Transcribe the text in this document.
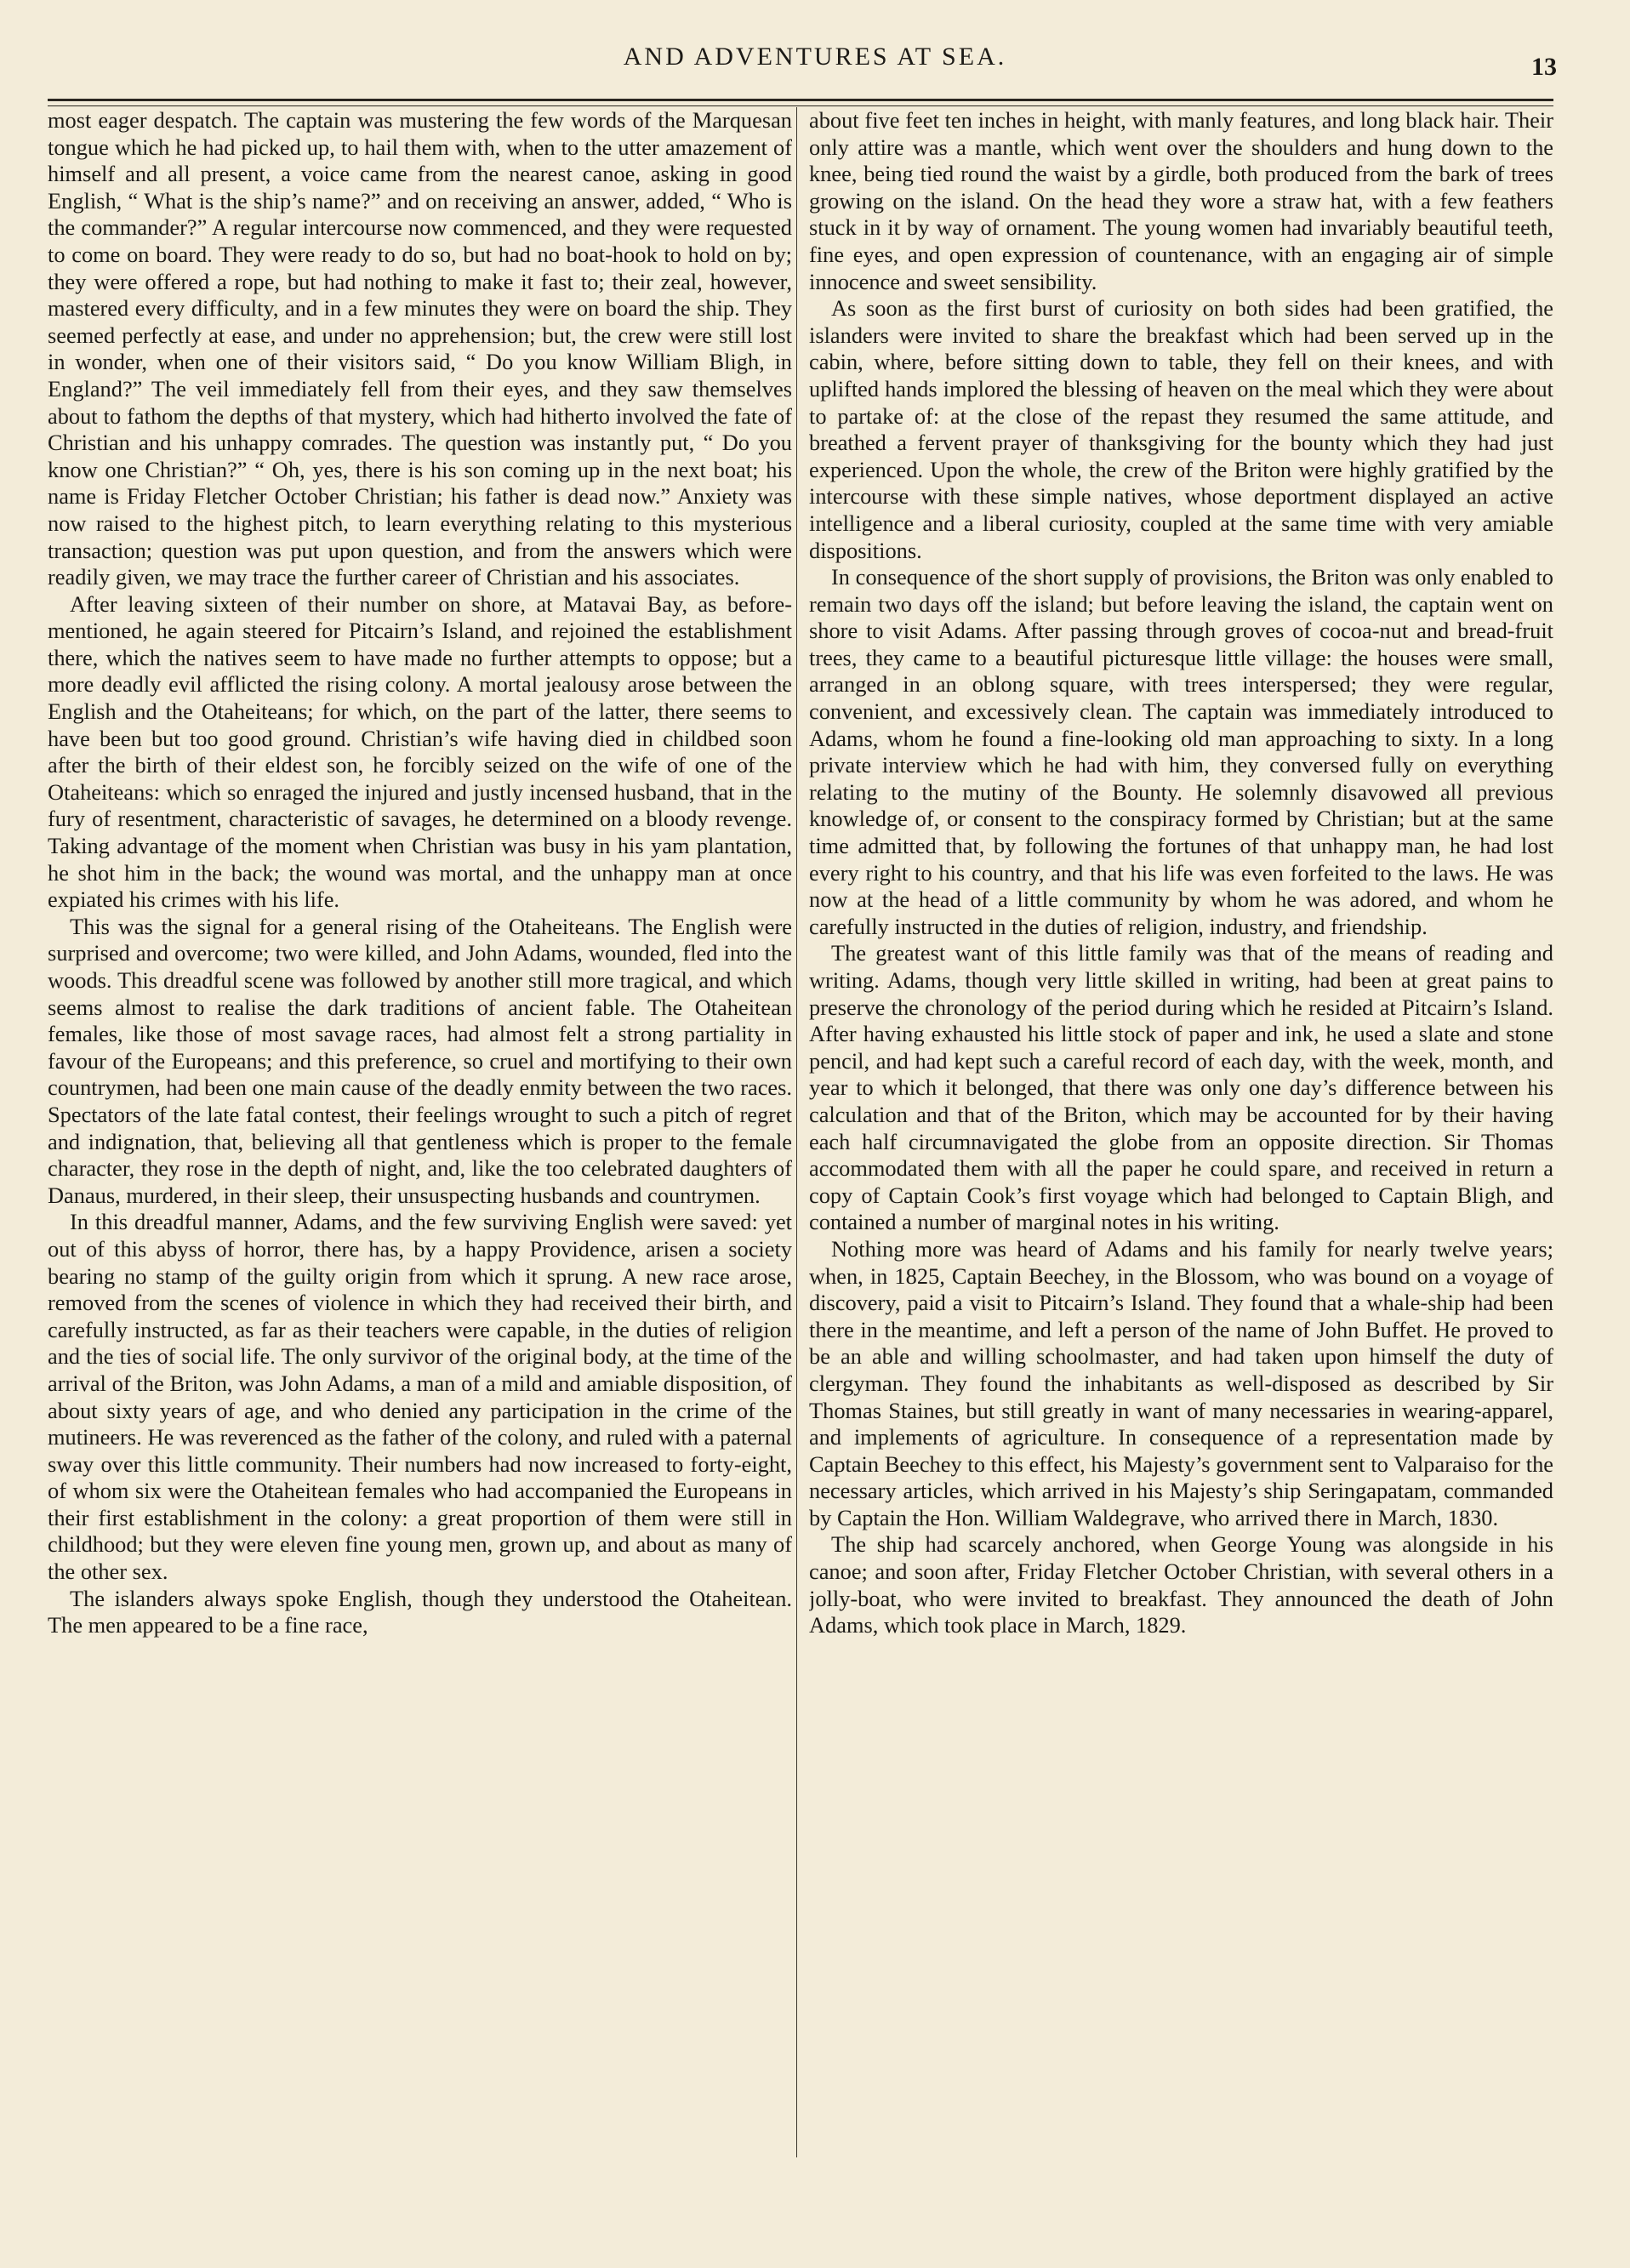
AND ADVENTURES AT SEA.	13

most eager despatch. The captain was mustering the few words of the Marquesan tongue which he had picked up, to hail them with, when to the utter amazement of himself and all present, a voice came from the nearest canoe, asking in good English, “ What is the ship’s name?” and on receiving an answer, added, “ Who is the commander?” A regular intercourse now commenced, and they were requested to come on board. They were ready to do so, but had no boat-hook to hold on by; they were offered a rope, but had nothing to make it fast to; their zeal, however, mastered every difficulty, and in a few minutes they were on board the ship. They seemed perfectly at ease, and under no apprehension; but, the crew were still lost in wonder, when one of their visitors said, “ Do you know William Bligh, in England?” The veil immediately fell from their eyes, and they saw themselves about to fathom the depths of that mystery, which had hitherto involved the fate of Christian and his unhappy comrades. The question was instantly put, “ Do you know one Christian?” “ Oh, yes, there is his son coming up in the next boat; his name is Friday Fletcher October Christian; his father is dead now.” Anxiety was now raised to the highest pitch, to learn everything relating to this mysterious transaction; question was put upon question, and from the answers which were readily given, we may trace the further career of Christian and his associates.

After leaving sixteen of their number on shore, at Matavai Bay, as before-mentioned, he again steered for Pitcairn’s Island, and rejoined the establishment there, which the natives seem to have made no further attempts to oppose; but a more deadly evil afflicted the rising colony. A mortal jealousy arose between the English and the Otaheiteans; for which, on the part of the latter, there seems to have been but too good ground. Christian’s wife having died in childbed soon after the birth of their eldest son, he forcibly seized on the wife of one of the Otaheiteans: which so enraged the injured and justly incensed husband, that in the fury of resentment, characteristic of savages, he determined on a bloody revenge. Taking advantage of the moment when Christian was busy in his yam plantation, he shot him in the back; the wound was mortal, and the unhappy man at once expiated his crimes with his life.

This was the signal for a general rising of the Otaheiteans. The English were surprised and overcome; two were killed, and John Adams, wounded, fled into the woods. This dreadful scene was followed by another still more tragical, and which seems almost to realise the dark traditions of ancient fable. The Otaheitean females, like those of most savage races, had almost felt a strong partiality in favour of the Europeans; and this preference, so cruel and mortifying to their own countrymen, had been one main cause of the deadly enmity between the two races. Spectators of the late fatal contest, their feelings wrought to such a pitch of regret and indignation, that, believing all that gentleness which is proper to the female character, they rose in the depth of night, and, like the too celebrated daughters of Danaus, murdered, in their sleep, their unsuspecting husbands and countrymen.

In this dreadful manner, Adams, and the few surviving English were saved: yet out of this abyss of horror, there has, by a happy Providence, arisen a society bearing no stamp of the guilty origin from which it sprung. A new race arose, removed from the scenes of violence in which they had received their birth, and carefully instructed, as far as their teachers were capable, in the duties of religion and the ties of social life. The only survivor of the original body, at the time of the arrival of the Briton, was John Adams, a man of a mild and amiable disposition, of about sixty years of age, and who denied any participation in the crime of the mutineers. He was reverenced as the father of the colony, and ruled with a paternal sway over this little community. Their numbers had now increased to forty-eight, of whom six were the Otaheitean females who had accompanied the Europeans in their first establishment in the colony: a great proportion of them were still in childhood; but they were eleven fine young men, grown up, and about as many of the other sex.

The islanders always spoke English, though they understood the Otaheitean. The men appeared to be a fine race,

about five feet ten inches in height, with manly features, and long black hair. Their only attire was a mantle, which went over the shoulders and hung down to the knee, being tied round the waist by a girdle, both produced from the bark of trees growing on the island. On the head they wore a straw hat, with a few feathers stuck in it by way of ornament. The young women had invariably beautiful teeth, fine eyes, and open expression of countenance, with an engaging air of simple innocence and sweet sensibility.

As soon as the first burst of curiosity on both sides had been gratified, the islanders were invited to share the breakfast which had been served up in the cabin, where, before sitting down to table, they fell on their knees, and with uplifted hands implored the blessing of heaven on the meal which they were about to partake of: at the close of the repast they resumed the same attitude, and breathed a fervent prayer of thanksgiving for the bounty which they had just experienced. Upon the whole, the crew of the Briton were highly gratified by the intercourse with these simple natives, whose deportment displayed an active intelligence and a liberal curiosity, coupled at the same time with very amiable dispositions.

In consequence of the short supply of provisions, the Briton was only enabled to remain two days off the island; but before leaving the island, the captain went on shore to visit Adams. After passing through groves of cocoa-nut and bread-fruit trees, they came to a beautiful picturesque little village: the houses were small, arranged in an oblong square, with trees interspersed; they were regular, convenient, and excessively clean. The captain was immediately introduced to Adams, whom he found a fine-looking old man approaching to sixty. In a long private interview which he had with him, they conversed fully on everything relating to the mutiny of the Bounty. He solemnly disavowed all previous knowledge of, or consent to the conspiracy formed by Christian; but at the same time admitted that, by following the fortunes of that unhappy man, he had lost every right to his country, and that his life was even forfeited to the laws. He was now at the head of a little community by whom he was adored, and whom he carefully instructed in the duties of religion, industry, and friendship.

The greatest want of this little family was that of the means of reading and writing. Adams, though very little skilled in writing, had been at great pains to preserve the chronology of the period during which he resided at Pitcairn’s Island. After having exhausted his little stock of paper and ink, he used a slate and stone pencil, and had kept such a careful record of each day, with the week, month, and year to which it belonged, that there was only one day’s difference between his calculation and that of the Briton, which may be accounted for by their having each half circumnavigated the globe from an opposite direction. Sir Thomas accommodated them with all the paper he could spare, and received in return a copy of Captain Cook’s first voyage which had belonged to Captain Bligh, and contained a number of marginal notes in his writing.

Nothing more was heard of Adams and his family for nearly twelve years; when, in 1825, Captain Beechey, in the Blossom, who was bound on a voyage of discovery, paid a visit to Pitcairn’s Island. They found that a whale-ship had been there in the meantime, and left a person of the name of John Buffet. He proved to be an able and willing schoolmaster, and had taken upon himself the duty of clergyman. They found the inhabitants as well-disposed as described by Sir Thomas Staines, but still greatly in want of many necessaries in wearing-apparel, and implements of agriculture. In consequence of a representation made by Captain Beechey to this effect, his Majesty’s government sent to Valparaiso for the necessary articles, which arrived in his Majesty’s ship Seringapatam, commanded by Captain the Hon. William Waldegrave, who arrived there in March, 1830.

The ship had scarcely anchored, when George Young was alongside in his canoe; and soon after, Friday Fletcher October Christian, with several others in a jolly-boat, who were invited to breakfast. They announced the death of John Adams, which took place in March, 1829.
